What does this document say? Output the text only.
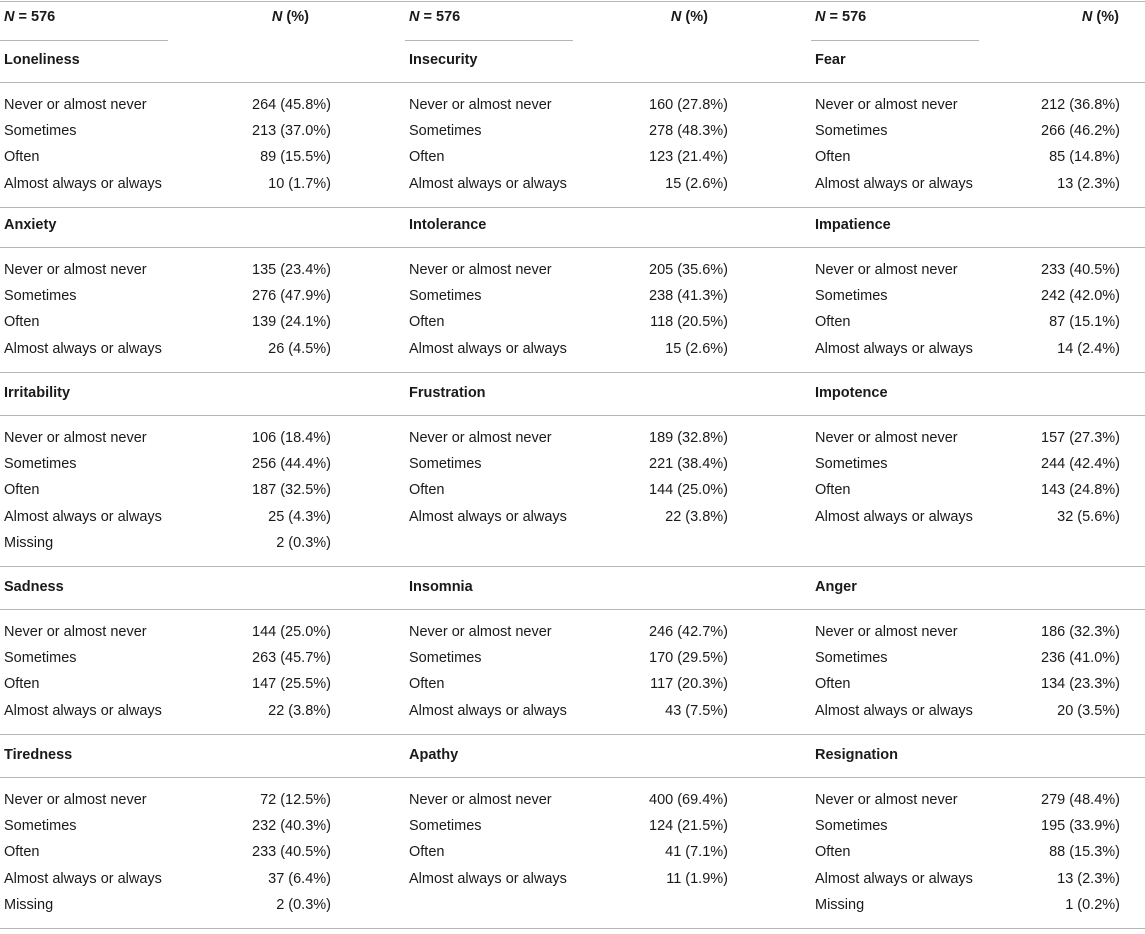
N = 576	N (%)	N = 576	N (%)	N = 576	N (%)
Loneliness
Never or almost never	264 (45.8%)
Sometimes	213 (37.0%)
Often	89 (15.5%)
Almost always or always	10 (1.7%)
Insecurity
Never or almost never	160 (27.8%)
Sometimes	278 (48.3%)
Often	123 (21.4%)
Almost always or always	15 (2.6%)
Fear
Never or almost never	212 (36.8%)
Sometimes	266 (46.2%)
Often	85 (14.8%)
Almost always or always	13 (2.3%)
Anxiety
Never or almost never	135 (23.4%)
Sometimes	276 (47.9%)
Often	139 (24.1%)
Almost always or always	26 (4.5%)
Intolerance
Never or almost never	205 (35.6%)
Sometimes	238 (41.3%)
Often	118 (20.5%)
Almost always or always	15 (2.6%)
Impatience
Never or almost never	233 (40.5%)
Sometimes	242 (42.0%)
Often	87 (15.1%)
Almost always or always	14 (2.4%)
Irritability
Never or almost never	106 (18.4%)
Sometimes	256 (44.4%)
Often	187 (32.5%)
Almost always or always	25 (4.3%)
Missing	2 (0.3%)
Frustration
Never or almost never	189 (32.8%)
Sometimes	221 (38.4%)
Often	144 (25.0%)
Almost always or always	22 (3.8%)
Impotence
Never or almost never	157 (27.3%)
Sometimes	244 (42.4%)
Often	143 (24.8%)
Almost always or always	32 (5.6%)
Sadness
Never or almost never	144 (25.0%)
Sometimes	263 (45.7%)
Often	147 (25.5%)
Almost always or always	22 (3.8%)
Insomnia
Never or almost never	246 (42.7%)
Sometimes	170 (29.5%)
Often	117 (20.3%)
Almost always or always	43 (7.5%)
Anger
Never or almost never	186 (32.3%)
Sometimes	236 (41.0%)
Often	134 (23.3%)
Almost always or always	20 (3.5%)
Tiredness
Never or almost never	72 (12.5%)
Sometimes	232 (40.3%)
Often	233 (40.5%)
Almost always or always	37 (6.4%)
Missing	2 (0.3%)
Apathy
Never or almost never	400 (69.4%)
Sometimes	124 (21.5%)
Often	41 (7.1%)
Almost always or always	11 (1.9%)
Resignation
Never or almost never	279 (48.4%)
Sometimes	195 (33.9%)
Often	88 (15.3%)
Almost always or always	13 (2.3%)
Missing	1 (0.2%)
